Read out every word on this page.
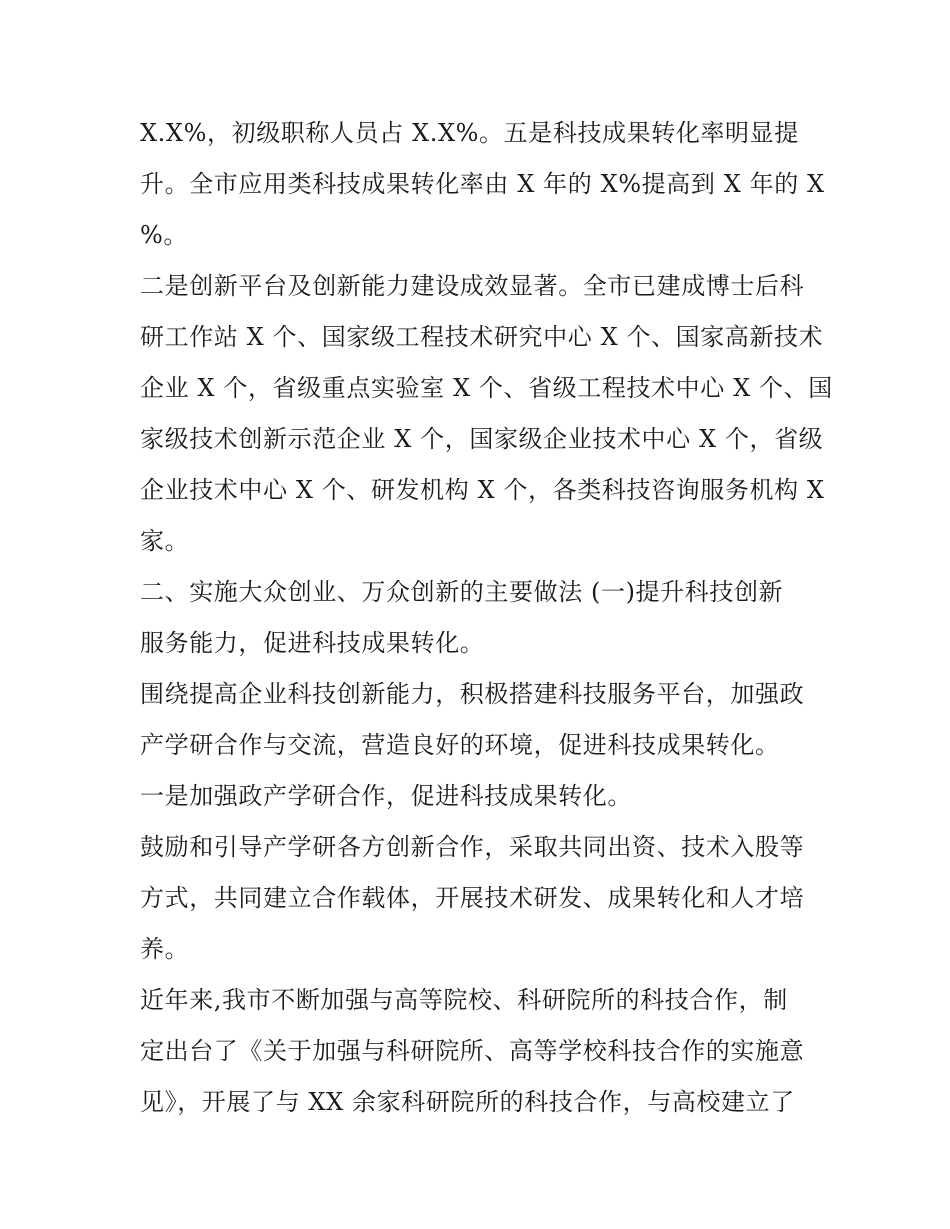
X.X%，初级职称人员占 X.X%。五是科技成果转化率明显提
升。全市应用类科技成果转化率由 X 年的 X%提高到 X 年的 X
%。
二是创新平台及创新能力建设成效显著。全市已建成博士后科
研工作站 X 个、国家级工程技术研究中心 X 个、国家高新技术
企业 X 个，省级重点实验室 X 个、省级工程技术中心 X 个、国
家级技术创新示范企业 X 个，国家级企业技术中心 X 个，省级
企业技术中心 X 个、研发机构 X 个，各类科技咨询服务机构 X
家。
二、实施大众创业、万众创新的主要做法 (一)提升科技创新
服务能力，促进科技成果转化。
围绕提高企业科技创新能力，积极搭建科技服务平台，加强政
产学研合作与交流，营造良好的环境，促进科技成果转化。
一是加强政产学研合作，促进科技成果转化。
鼓励和引导产学研各方创新合作，采取共同出资、技术入股等
方式，共同建立合作载体，开展技术研发、成果转化和人才培
养。
近年来,我市不断加强与高等院校、科研院所的科技合作，制
定出台了《关于加强与科研院所、高等学校科技合作的实施意
见》，开展了与 XX 余家科研院所的科技合作，与高校建立了
